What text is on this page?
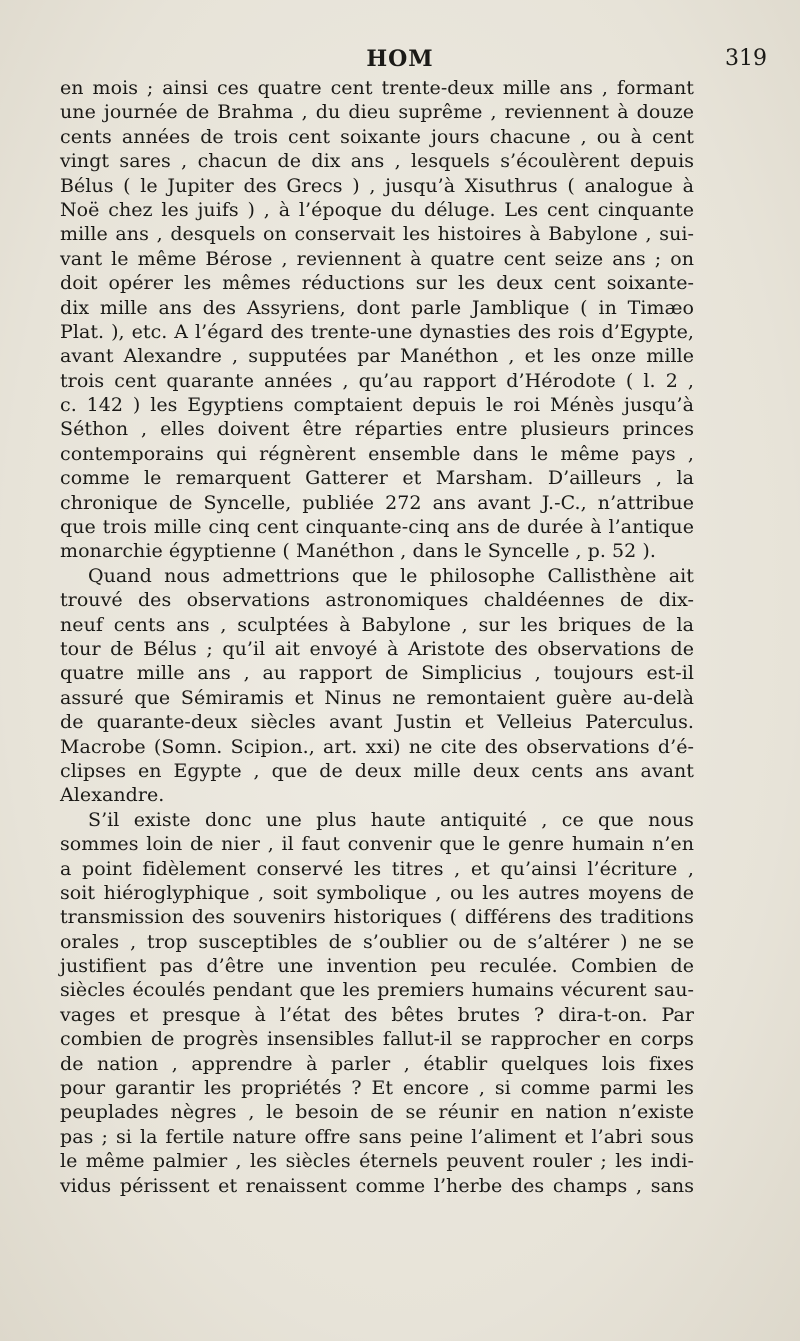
HOM	319
en mois ; ainsi ces quatre cent trente-deux mille ans , formant
une journée de Brahma , du dieu suprême , reviennent à douze
cents années de trois cent soixante jours chacune , ou à cent
vingt sares , chacun de dix ans , lesquels s’écoulèrent depuis
Bélus ( le Jupiter des Grecs ) , jusqu’à Xisuthrus ( analogue à
Noë chez les juifs ) , à l’époque du déluge. Les cent cinquante
mille ans , desquels on conservait les histoires à Babylone , sui-
vant le même Bérose , reviennent à quatre cent seize ans ; on
doit opérer les mêmes réductions sur les deux cent soixante-
dix mille ans des Assyriens, dont parle Jamblique ( in Timæo
Plat. ), etc. A l’égard des trente-une dynasties des rois d’Egypte,
avant Alexandre , supputées par Manéthon , et les onze mille
trois cent quarante années , qu’au rapport d’Hérodote ( l. 2 ,
c. 142 ) les Egyptiens comptaient depuis le roi Ménès jusqu’à
Séthon , elles doivent être réparties entre plusieurs princes
contemporains qui régnèrent ensemble dans le même pays ,
comme le remarquent Gatterer et Marsham. D’ailleurs , la
chronique de Syncelle, publiée 272 ans avant J.-C., n’attribue
que trois mille cinq cent cinquante-cinq ans de durée à l’antique
monarchie égyptienne ( Manéthon , dans le Syncelle , p. 52 ).
Quand nous admettrions que le philosophe Callisthène ait
trouvé des observations astronomiques chaldéennes de dix-
neuf cents ans , sculptées à Babylone , sur les briques de la
tour de Bélus ; qu’il ait envoyé à Aristote des observations de
quatre mille ans , au rapport de Simplicius , toujours est-il
assuré que Sémiramis et Ninus ne remontaient guère au-delà
de quarante-deux siècles avant Justin et Velleius Paterculus.
Macrobe (Somn. Scipion., art. xxi) ne cite des observations d’é-
clipses en Egypte , que de deux mille deux cents ans avant
Alexandre.
S’il existe donc une plus haute antiquité , ce que nous
sommes loin de nier , il faut convenir que le genre humain n’en
a point fidèlement conservé les titres , et qu’ainsi l’écriture ,
soit hiéroglyphique , soit symbolique , ou les autres moyens de
transmission des souvenirs historiques ( différens des traditions
orales , trop susceptibles de s’oublier ou de s’altérer ) ne se
justifient pas d’être une invention peu reculée. Combien de
siècles écoulés pendant que les premiers humains vécurent sau-
vages et presque à l’état des bêtes brutes ? dira-t-on. Par
combien de progrès insensibles fallut-il se rapprocher en corps
de nation , apprendre à parler , établir quelques lois fixes
pour garantir les propriétés ? Et encore , si comme parmi les
peuplades nègres , le besoin de se réunir en nation n’existe
pas ; si la fertile nature offre sans peine l’aliment et l’abri sous
le même palmier , les siècles éternels peuvent rouler ; les indi-
vidus périssent et renaissent comme l’herbe des champs , sans
